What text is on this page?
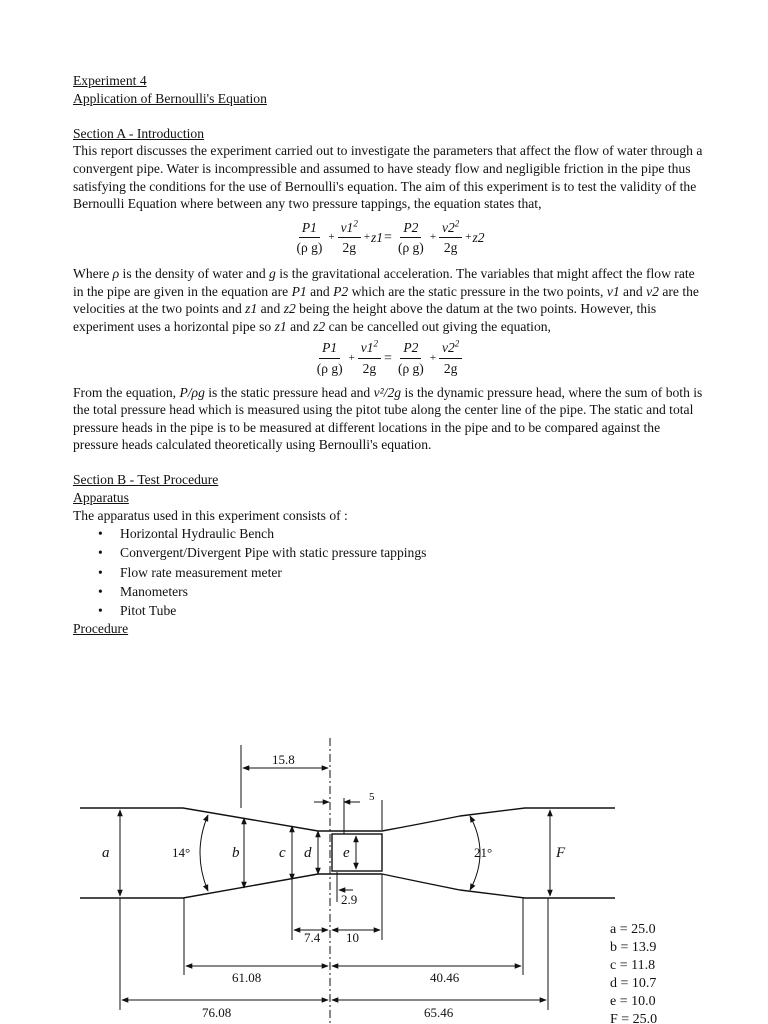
Experiment 4

Application of Bernoulli's Equation

Section A - Introduction

This report discusses the experiment carried out to investigate the parameters that affect the flow of water through a convergent pipe. Water is incompressible and assumed to have steady flow and negligible friction in the pipe thus satisfying the conditions for the use of Bernoulli's equation. The aim of this experiment is to test the validity of the Bernoulli Equation where between any two pressure tappings, the equation states that,

$\frac{P1}{\text{(ρ g)}} + \frac{v1^2}{2g} + z1 = \frac{P2}{\text{(ρ g)}} + \frac{v2^2}{2g} + z2$

Where ρ is the density of water and g is the gravitational acceleration. The variables that might affect the flow rate in the pipe are given in the equation are P1 and P2 which are the static pressure in the two points, v1 and v2 are the velocities at the two points and z1 and z2 being the height above the datum at the two points. However, this experiment uses a horizontal pipe so z1 and z2 can be cancelled out giving the equation,

$\frac{P1}{\text{(ρ g)}} + \frac{v1^2}{2g} = \frac{P2}{\text{(ρ g)}} + \frac{v2^2}{2g}$

From the equation, P/ρg is the static pressure head and v²/2g is the dynamic pressure head, where the sum of both is the total pressure head which is measured using the pitot tube along the center line of the pipe. The static and total pressure heads in the pipe is to be measured at different locations in the pipe and to be compared against the pressure heads calculated theoretically using Bernoulli's equation.

Section B - Test Procedure

Apparatus

The apparatus used in this experiment consists of :

• Horizontal Hydraulic Bench
• Convergent/Divergent Pipe with static pressure tappings
• Flow rate measurement meter
• Manometers
• Pitot Tube

Procedure

15.8
5
2.9
7.4 10
61.08	40.46
76.08	65.46
14°	21°
a	b	c d e	F
a = 25.0
b = 13.9
c = 11.8
d = 10.7
e = 10.0
F = 25.0
